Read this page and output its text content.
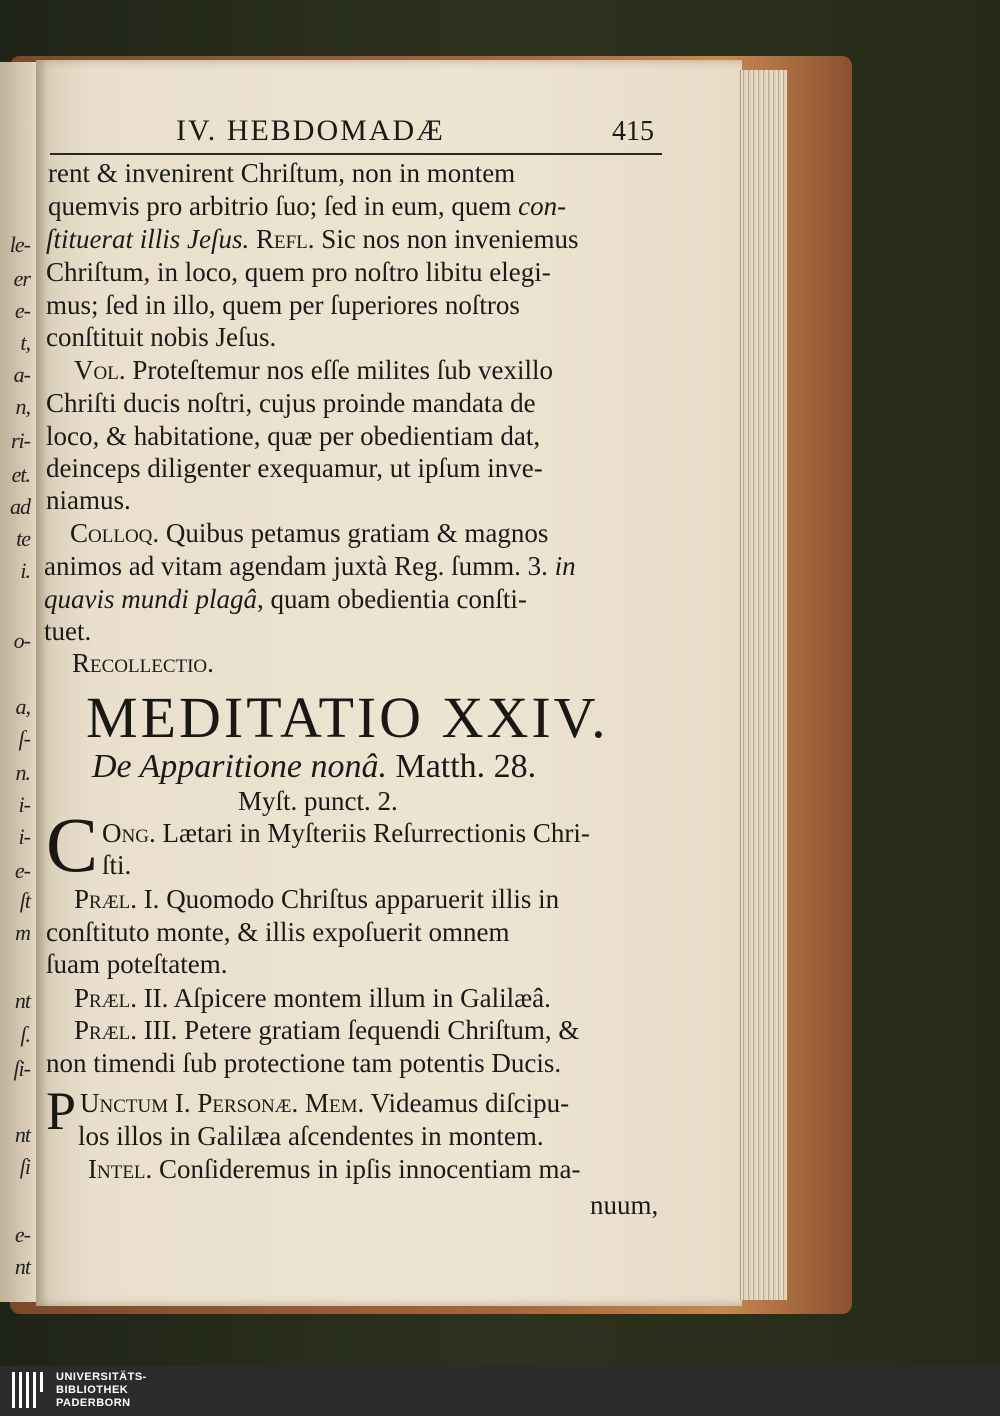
le-
er
e-
t,
a-
n,
ri-
et.
ad
te
i.
o-
a,
ſ-
n.
i-
i-
e-
ſt
m
nt
ſ.
ſi-
nt
ſi
e-
nt
IV. HEBDOMADÆ	415
rent & invenirent Chriſtum, non in montem
quemvis pro arbitrio ſuo; ſed in eum, quem con-
ſtituerat illis Jeſus. Refl. Sic nos non inveniemus
Chriſtum, in loco, quem pro noſtro libitu elegi-
mus; ſed in illo, quem per ſuperiores noſtros
conſtituit nobis Jeſus.
Vol. Proteſtemur nos eſſe milites ſub vexillo
Chriſti ducis noſtri, cujus proinde mandata de
loco, & habitatione, quæ per obedientiam dat,
deinceps diligenter exequamur, ut ipſum inve-
niamus.
Colloq. Quibus petamus gratiam & magnos
animos ad vitam agendam juxtà Reg. ſumm. 3. in
quavis mundi plagâ, quam obedientia conſti-
tuet.
Recollectio.
MEDITATIO XXIV.
De Apparitione nonâ. Matth. 28.
Myſt. punct. 2.
C Ong. Lætari in Myſteriis Reſurrectionis Chri-
ſti.
Præl. I. Quomodo Chriſtus apparuerit illis in
conſtituto monte, & illis expoſuerit omnem
ſuam poteſtatem.
Præl. II. Aſpicere montem illum in Galilæâ.
Præl. III. Petere gratiam ſequendi Chriſtum, &
non timendi ſub protectione tam potentis Ducis.
P Unctum I. Personæ. Mem. Videamus diſcipu-
los illos in Galilæa aſcendentes in montem.
Intel. Conſideremus in ipſis innocentiam ma-
nuum,
UNIVERSITÄTS-
BIBLIOTHEK
PADERBORN
